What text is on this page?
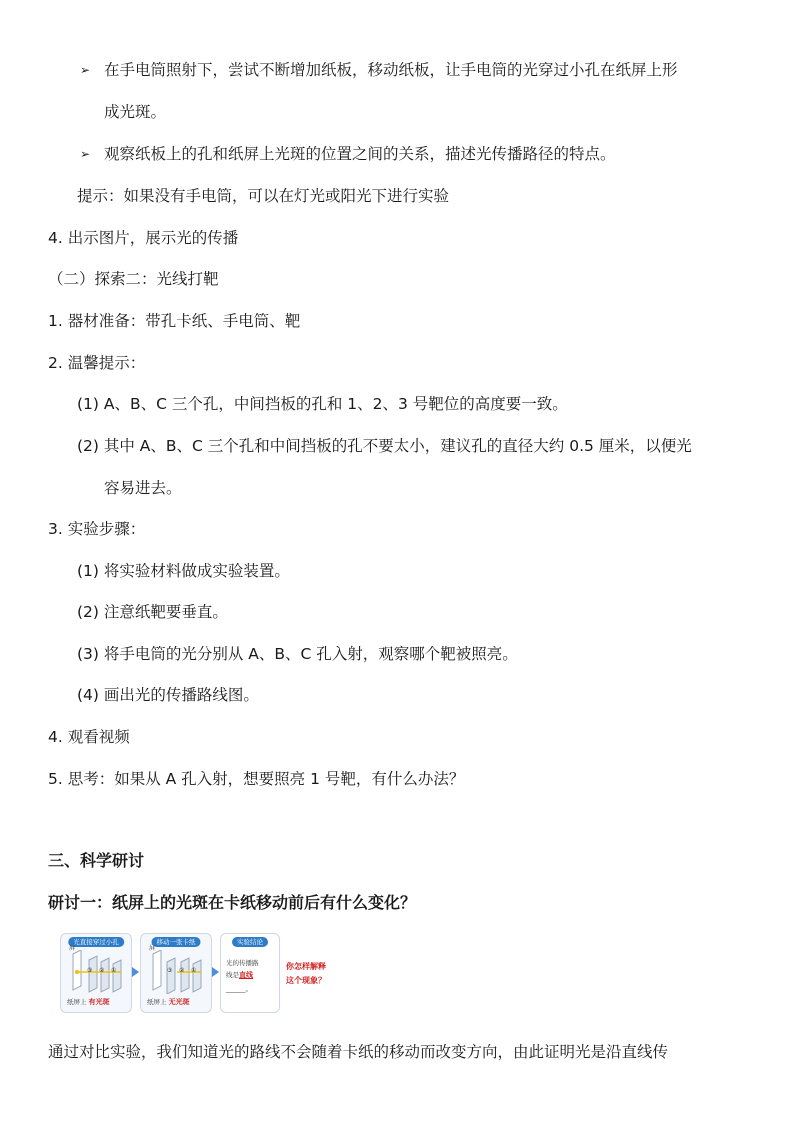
➢ 在手电筒照射下，尝试不断增加纸板，移动纸板，让手电筒的光穿过小孔在纸屏上形
成光斑。
➢ 观察纸板上的孔和纸屏上光斑的位置之间的关系，描述光传播路径的特点。
提示：如果没有手电筒，可以在灯光或阳光下进行实验
4. 出示图片，展示光的传播
（二）探索二：光线打靶
1. 器材准备：带孔卡纸、手电筒、靶
2. 温馨提示：
(1) A、B、C 三个孔，中间挡板的孔和 1、2、3 号靶位的高度要一致。
(2) 其中 A、B、C 三个孔和中间挡板的孔不要太小，建议孔的直径大约 0.5 厘米，以便光
容易进去。
3. 实验步骤：
(1) 将实验材料做成实验装置。
(2) 注意纸靶要垂直。
(3) 将手电筒的光分别从 A、B、C 孔入射，观察哪个靶被照亮。
(4) 画出光的传播路线图。
4. 观看视频
5. 思考：如果从 A 孔入射，想要照亮 1 号靶，有什么办法？
三、科学研讨
研讨一：纸屏上的光斑在卡纸移动前后有什么变化？
光直接穿过小孔
屏
③ ② ①
纸屏上 有光斑
移动一张卡纸
屏
③ ② ①
纸屏上 无光斑
实验结论
光的传播路
线是直线
______。
你怎样解释
这个现象？
通过对比实验，我们知道光的路线不会随着卡纸的移动而改变方向，由此证明光是沿直线传
